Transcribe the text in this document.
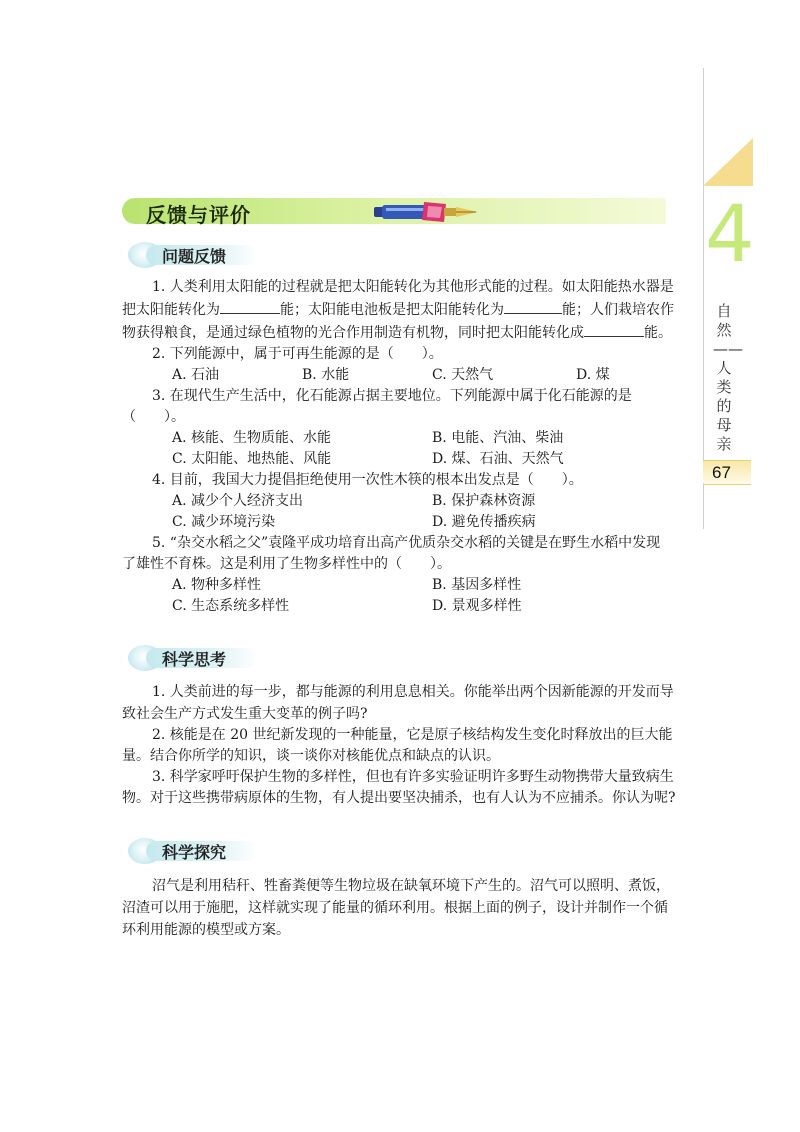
4
自然——人类的母亲
67
反馈与评价
问题反馈
1. 人类利用太阳能的过程就是把太阳能转化为其他形式能的过程。如太阳能热水器是
把太阳能转化为	能；太阳能电池板是把太阳能转化为	能；人们栽培农作
物获得粮食，是通过绿色植物的光合作用制造有机物，同时把太阳能转化成	能。
2. 下列能源中，属于可再生能源的是（　　）。
A. 石油	B. 水能	C. 天然气	D. 煤
3. 在现代生产生活中，化石能源占据主要地位。下列能源中属于化石能源的是
（　　）。
A. 核能、生物质能、水能	B. 电能、汽油、柴油
C. 太阳能、地热能、风能	D. 煤、石油、天然气
4. 目前，我国大力提倡拒绝使用一次性木筷的根本出发点是（　　）。
A. 减少个人经济支出	B. 保护森林资源
C. 减少环境污染	D. 避免传播疾病
5. “杂交水稻之父”袁隆平成功培育出高产优质杂交水稻的关键是在野生水稻中发现
了雄性不育株。这是利用了生物多样性中的（　　）。
A. 物种多样性	B. 基因多样性
C. 生态系统多样性	D. 景观多样性
科学思考
1. 人类前进的每一步，都与能源的利用息息相关。你能举出两个因新能源的开发而导
致社会生产方式发生重大变革的例子吗?
2. 核能是在 20 世纪新发现的一种能量，它是原子核结构发生变化时释放出的巨大能
量。结合你所学的知识，谈一谈你对核能优点和缺点的认识。
3. 科学家呼吁保护生物的多样性，但也有许多实验证明许多野生动物携带大量致病生
物。对于这些携带病原体的生物，有人提出要坚决捕杀，也有人认为不应捕杀。你认为呢?
科学探究
沼气是利用秸秆、牲畜粪便等生物垃圾在缺氧环境下产生的。沼气可以照明、煮饭，
沼渣可以用于施肥，这样就实现了能量的循环利用。根据上面的例子，设计并制作一个循
环利用能源的模型或方案。
